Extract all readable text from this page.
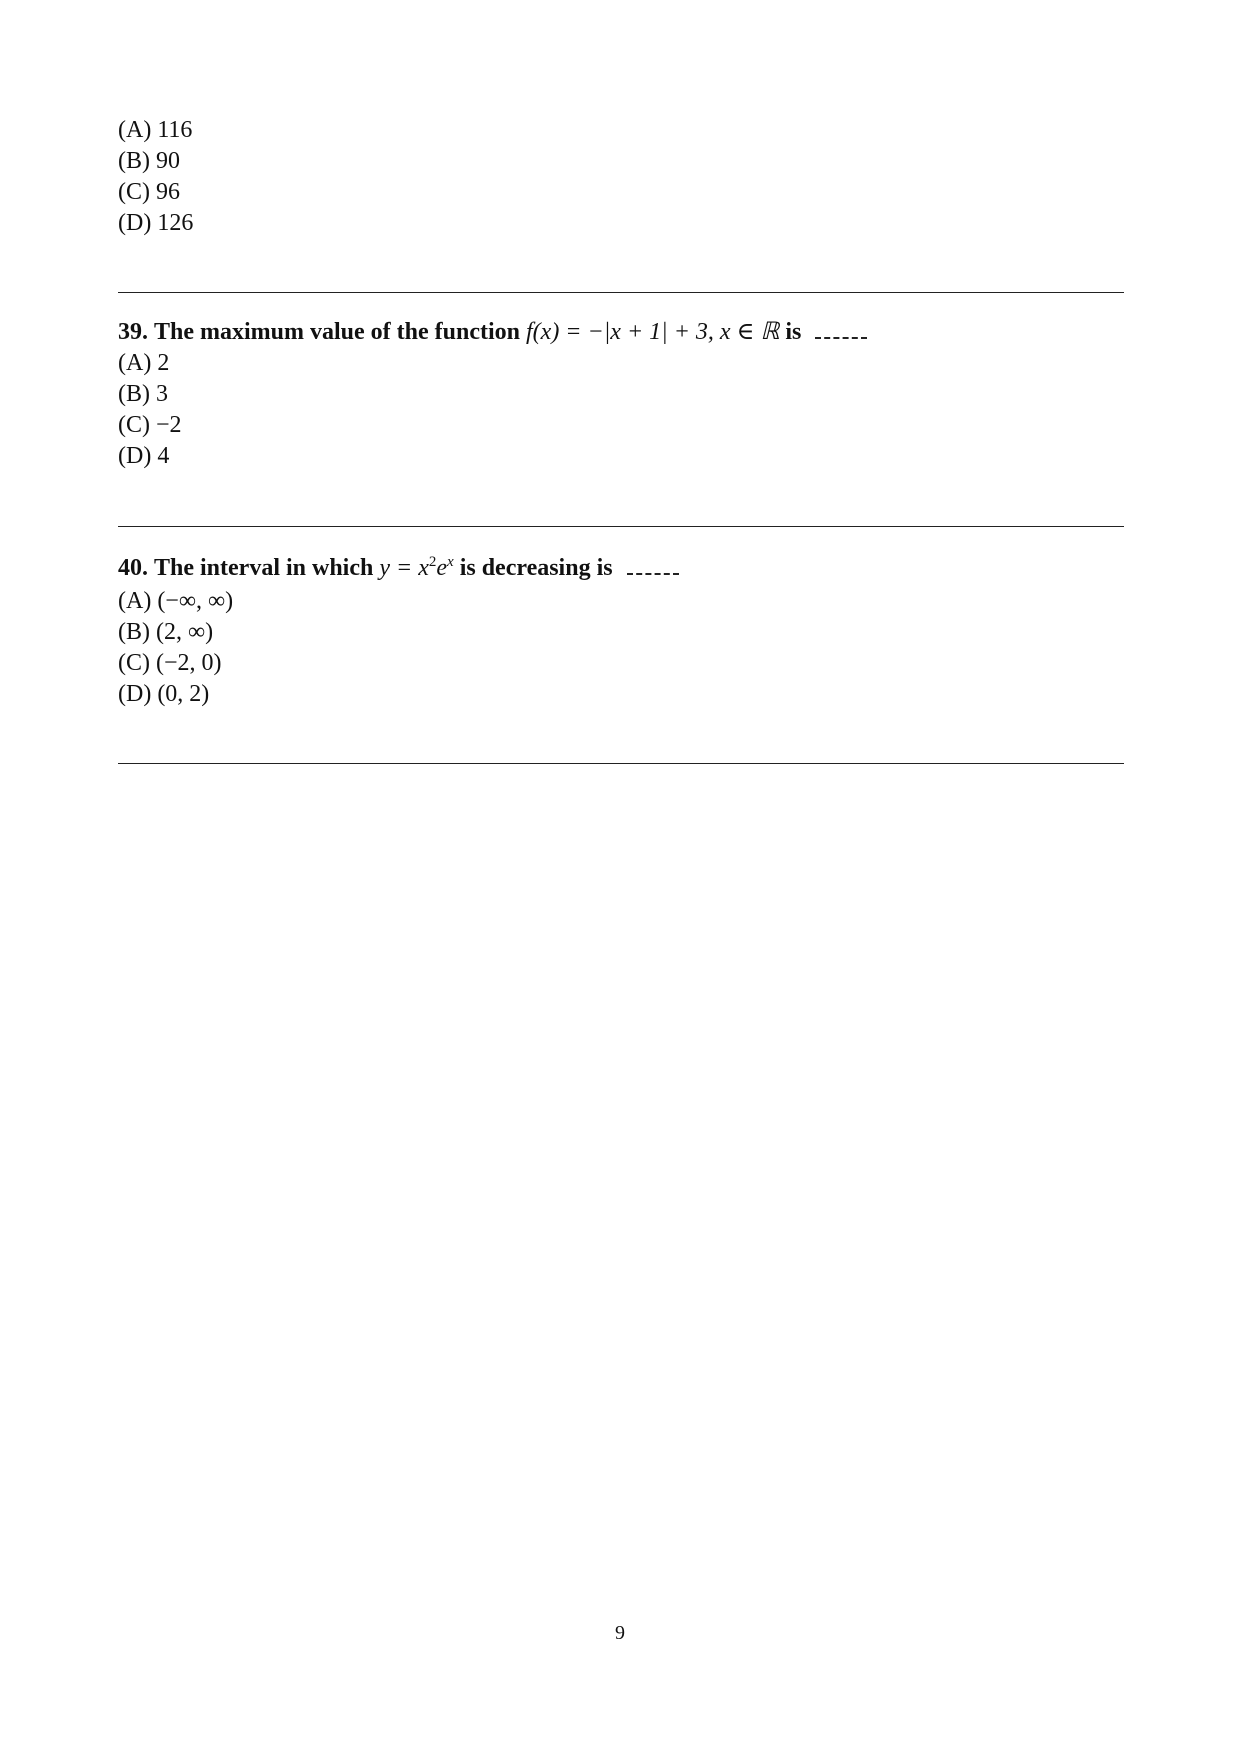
(A) 116
(B) 90
(C) 96
(D) 126
39. The maximum value of the function f(x) = −|x + 1| + 3, x ∈ ℝ is
(A) 2
(B) 3
(C) −2
(D) 4
40. The interval in which $y = x^2e^x$ is decreasing is
(A) (−∞, ∞)
(B) (2, ∞)
(C) (−2, 0)
(D) (0, 2)
9
